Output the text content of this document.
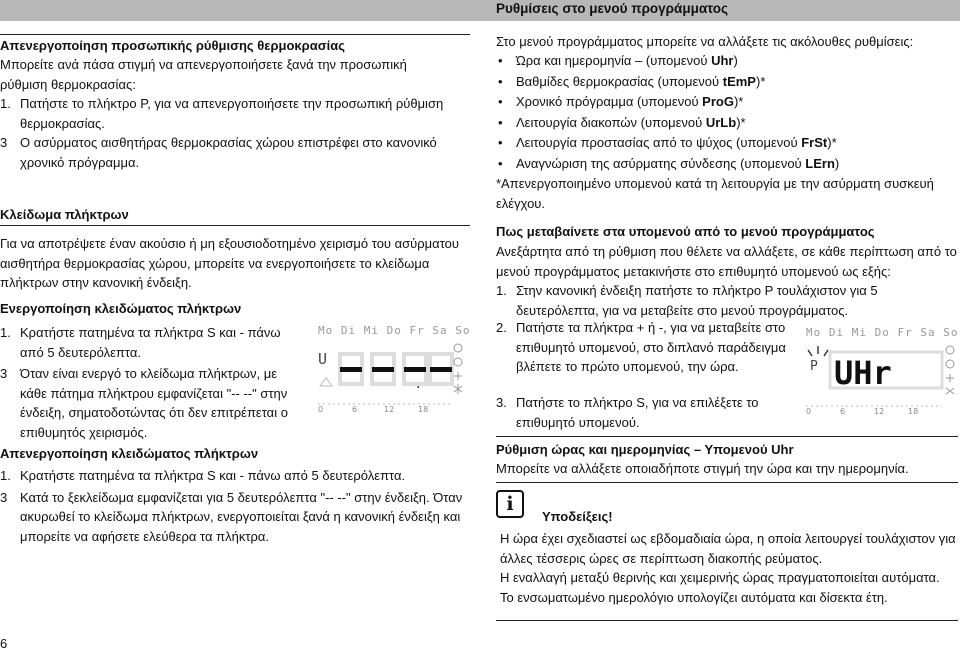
Ρυθμίσεις στο μενού προγράμματος
Απενεργοποίηση προσωπικής ρύθμισης θερμοκρασίας
Μπορείτε ανά πάσα στιγμή να απενεργοποιήσετε ξανά την προσωπική ρύθμιση θερμοκρασίας:
1. Πατήστε το πλήκτρο P, για να απενεργοποιήσετε την προσωπική ρύθμιση θερμοκρασίας.
3 Ο ασύρματος αισθητήρας θερμοκρασίας χώρου επιστρέφει στο κανονικό χρονικό πρόγραμμα.
Κλείδωμα πλήκτρων
Για να αποτρέψετε έναν ακούσιο ή μη εξουσιοδοτημένο χειρισμό του ασύρματου αισθητήρα θερμοκρασίας χώρου, μπορείτε να ενεργοποιήσετε το κλείδωμα πλήκτρων στην κανονική ένδειξη.
Ενεργοποίηση κλειδώματος πλήκτρων
1. Κρατήστε πατημένα τα πλήκτρα S και - πάνω από 5 δευτερόλεπτα.
3 Όταν είναι ενεργό το κλείδωμα πλήκτρων, με κάθε πάτημα πλήκτρου εμφανίζεται "-- --" στην ένδειξη, σηματοδοτώντας ότι δεν επιτρέπεται ο επιθυμητός χειρισμός.
Mo Di Mi Do Fr Sa So
U
.
0	6	12	18
Απενεργοποίηση κλειδώματος πλήκτρων
1. Κρατήστε πατημένα τα πλήκτρα S και - πάνω από 5 δευτερόλεπτα.
3 Κατά το ξεκλείδωμα εμφανίζεται για 5 δευτερόλεπτα "-- --" στην ένδειξη. Όταν ακυρωθεί το κλείδωμα πλήκτρων, ενεργοποιείται ξανά η κανονική ένδειξη και μπορείτε να αφήσετε ελεύθερα τα πλήκτρα.
6
Στο μενού προγράμματος μπορείτε να αλλάξετε τις ακόλουθες ρυθμίσεις:
• Ώρα και ημερομηνία – (υπομενού Uhr)
• Βαθμίδες θερμοκρασίας (υπομενού tEmP)*
• Χρονικό πρόγραμμα (υπομενού ProG)*
• Λειτουργία διακοπών (υπομενού UrLb)*
• Λειτουργία προστασίας από το ψύχος (υπομενού FrSt)*
• Αναγνώριση της ασύρματης σύνδεσης (υπομενού LErn)
*Απενεργοποιημένο υπομενού κατά τη λειτουργία με την ασύρματη συσκευή ελέγχου.
Πως μεταβαίνετε στα υπομενού από το μενού προγράμματος
Ανεξάρτητα από τη ρύθμιση που θέλετε να αλλάξετε, σε κάθε περίπτωση από το μενού προγράμματος μετακινήστε στο επιθυμητό υπομενού ως εξής:
1. Στην κανονική ένδειξη πατήστε το πλήκτρο P τουλάχιστον για 5 δευτερόλεπτα, για να μεταβείτε στο μενού προγράμματος.
2. Πατήστε τα πλήκτρα + ή -, για να μεταβείτε στο επιθυμητό υπομενού, στο διπλανό παράδειγμα βλέπετε το πρώτο υπομενού, την ώρα.
3. Πατήστε το πλήκτρο S, για να επιλέξετε το επιθυμητό υπομενού.
Mo Di Mi Do Fr Sa So
P UHr
0	6	12	18
Ρύθμιση ώρας και ημερομηνίας – Υπομενού Uhr
Μπορείτε να αλλάξετε οποιαδήποτε στιγμή την ώρα και την ημερομηνία.
i
Υποδείξεις!
Η ώρα έχει σχεδιαστεί ως εβδομαδιαία ώρα, η οποία λειτουργεί τουλάχιστον για άλλες τέσσερις ώρες σε περίπτωση διακοπής ρεύματος.
Η εναλλαγή μεταξύ θερινής και χειμερινής ώρας πραγματοποιείται αυτόματα.
Το ενσωματωμένο ημερολόγιο υπολογίζει αυτόματα και δίσεκτα έτη.
